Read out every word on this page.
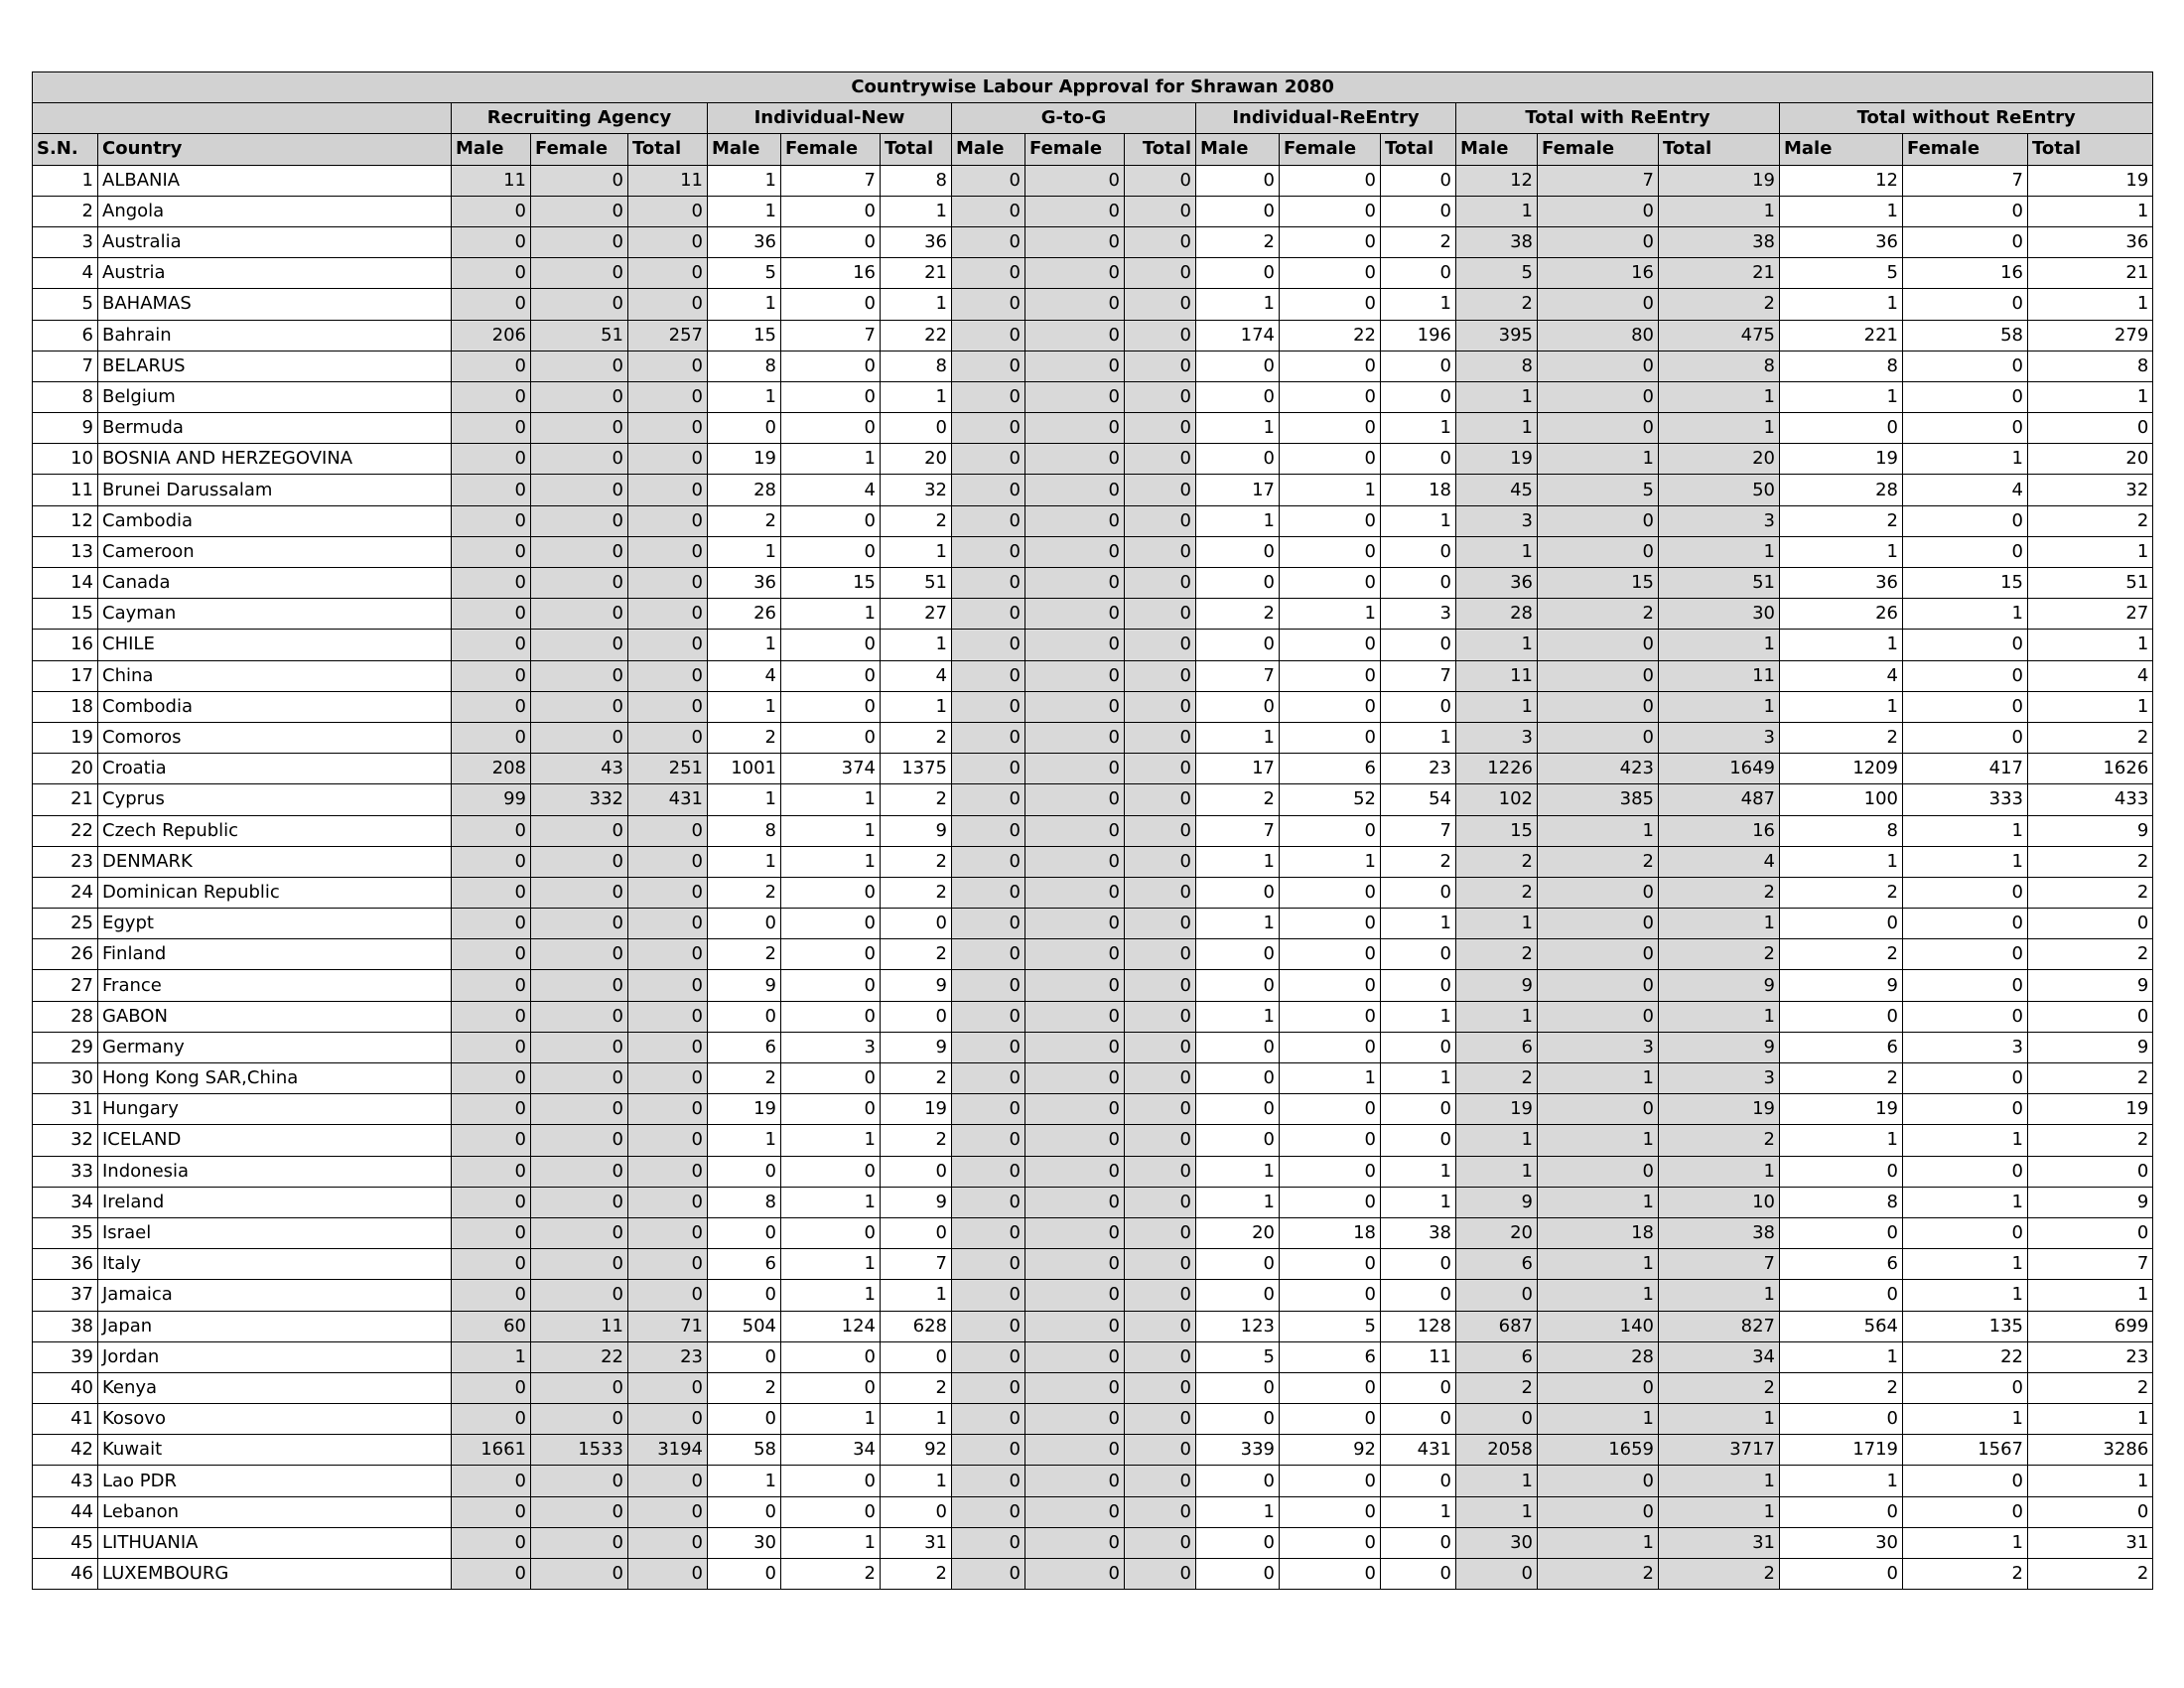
Countrywise Labour Approval for Shrawan 2080																			
		Recruiting Agency			Individual-New			G-to-G			Individual-ReEntry			Total with ReEntry			Total without ReEntry		
S.N.	Country	Male	Female	Total	Male	Female	Total	Male	Female	Total	Male	Female	Total	Male	Female	Total	Male	Female	Total
1	ALBANIA	11	0	11	1	7	8	0	0	0	0	0	0	12	7	19	12	7	19
2	Angola	0	0	0	1	0	1	0	0	0	0	0	0	1	0	1	1	0	1
3	Australia	0	0	0	36	0	36	0	0	0	2	0	2	38	0	38	36	0	36
4	Austria	0	0	0	5	16	21	0	0	0	0	0	0	5	16	21	5	16	21
5	BAHAMAS	0	0	0	1	0	1	0	0	0	1	0	1	2	0	2	1	0	1
6	Bahrain	206	51	257	15	7	22	0	0	0	174	22	196	395	80	475	221	58	279
7	BELARUS	0	0	0	8	0	8	0	0	0	0	0	0	8	0	8	8	0	8
8	Belgium	0	0	0	1	0	1	0	0	0	0	0	0	1	0	1	1	0	1
9	Bermuda	0	0	0	0	0	0	0	0	0	1	0	1	1	0	1	0	0	0
10	BOSNIA AND HERZEGOVINA	0	0	0	19	1	20	0	0	0	0	0	0	19	1	20	19	1	20
11	Brunei Darussalam	0	0	0	28	4	32	0	0	0	17	1	18	45	5	50	28	4	32
12	Cambodia	0	0	0	2	0	2	0	0	0	1	0	1	3	0	3	2	0	2
13	Cameroon	0	0	0	1	0	1	0	0	0	0	0	0	1	0	1	1	0	1
14	Canada	0	0	0	36	15	51	0	0	0	0	0	0	36	15	51	36	15	51
15	Cayman	0	0	0	26	1	27	0	0	0	2	1	3	28	2	30	26	1	27
16	CHILE	0	0	0	1	0	1	0	0	0	0	0	0	1	0	1	1	0	1
17	China	0	0	0	4	0	4	0	0	0	7	0	7	11	0	11	4	0	4
18	Combodia	0	0	0	1	0	1	0	0	0	0	0	0	1	0	1	1	0	1
19	Comoros	0	0	0	2	0	2	0	0	0	1	0	1	3	0	3	2	0	2
20	Croatia	208	43	251	1001	374	1375	0	0	0	17	6	23	1226	423	1649	1209	417	1626
21	Cyprus	99	332	431	1	1	2	0	0	0	2	52	54	102	385	487	100	333	433
22	Czech Republic	0	0	0	8	1	9	0	0	0	7	0	7	15	1	16	8	1	9
23	DENMARK	0	0	0	1	1	2	0	0	0	1	1	2	2	2	4	1	1	2
24	Dominican Republic	0	0	0	2	0	2	0	0	0	0	0	0	2	0	2	2	0	2
25	Egypt	0	0	0	0	0	0	0	0	0	1	0	1	1	0	1	0	0	0
26	Finland	0	0	0	2	0	2	0	0	0	0	0	0	2	0	2	2	0	2
27	France	0	0	0	9	0	9	0	0	0	0	0	0	9	0	9	9	0	9
28	GABON	0	0	0	0	0	0	0	0	0	1	0	1	1	0	1	0	0	0
29	Germany	0	0	0	6	3	9	0	0	0	0	0	0	6	3	9	6	3	9
30	Hong Kong SAR,China	0	0	0	2	0	2	0	0	0	0	1	1	2	1	3	2	0	2
31	Hungary	0	0	0	19	0	19	0	0	0	0	0	0	19	0	19	19	0	19
32	ICELAND	0	0	0	1	1	2	0	0	0	0	0	0	1	1	2	1	1	2
33	Indonesia	0	0	0	0	0	0	0	0	0	1	0	1	1	0	1	0	0	0
34	Ireland	0	0	0	8	1	9	0	0	0	1	0	1	9	1	10	8	1	9
35	Israel	0	0	0	0	0	0	0	0	0	20	18	38	20	18	38	0	0	0
36	Italy	0	0	0	6	1	7	0	0	0	0	0	0	6	1	7	6	1	7
37	Jamaica	0	0	0	0	1	1	0	0	0	0	0	0	0	1	1	0	1	1
38	Japan	60	11	71	504	124	628	0	0	0	123	5	128	687	140	827	564	135	699
39	Jordan	1	22	23	0	0	0	0	0	0	5	6	11	6	28	34	1	22	23
40	Kenya	0	0	0	2	0	2	0	0	0	0	0	0	2	0	2	2	0	2
41	Kosovo	0	0	0	0	1	1	0	0	0	0	0	0	0	1	1	0	1	1
42	Kuwait	1661	1533	3194	58	34	92	0	0	0	339	92	431	2058	1659	3717	1719	1567	3286
43	Lao PDR	0	0	0	1	0	1	0	0	0	0	0	0	1	0	1	1	0	1
44	Lebanon	0	0	0	0	0	0	0	0	0	1	0	1	1	0	1	0	0	0
45	LITHUANIA	0	0	0	30	1	31	0	0	0	0	0	0	30	1	31	30	1	31
46	LUXEMBOURG	0	0	0	0	2	2	0	0	0	0	0	0	0	2	2	0	2	2
